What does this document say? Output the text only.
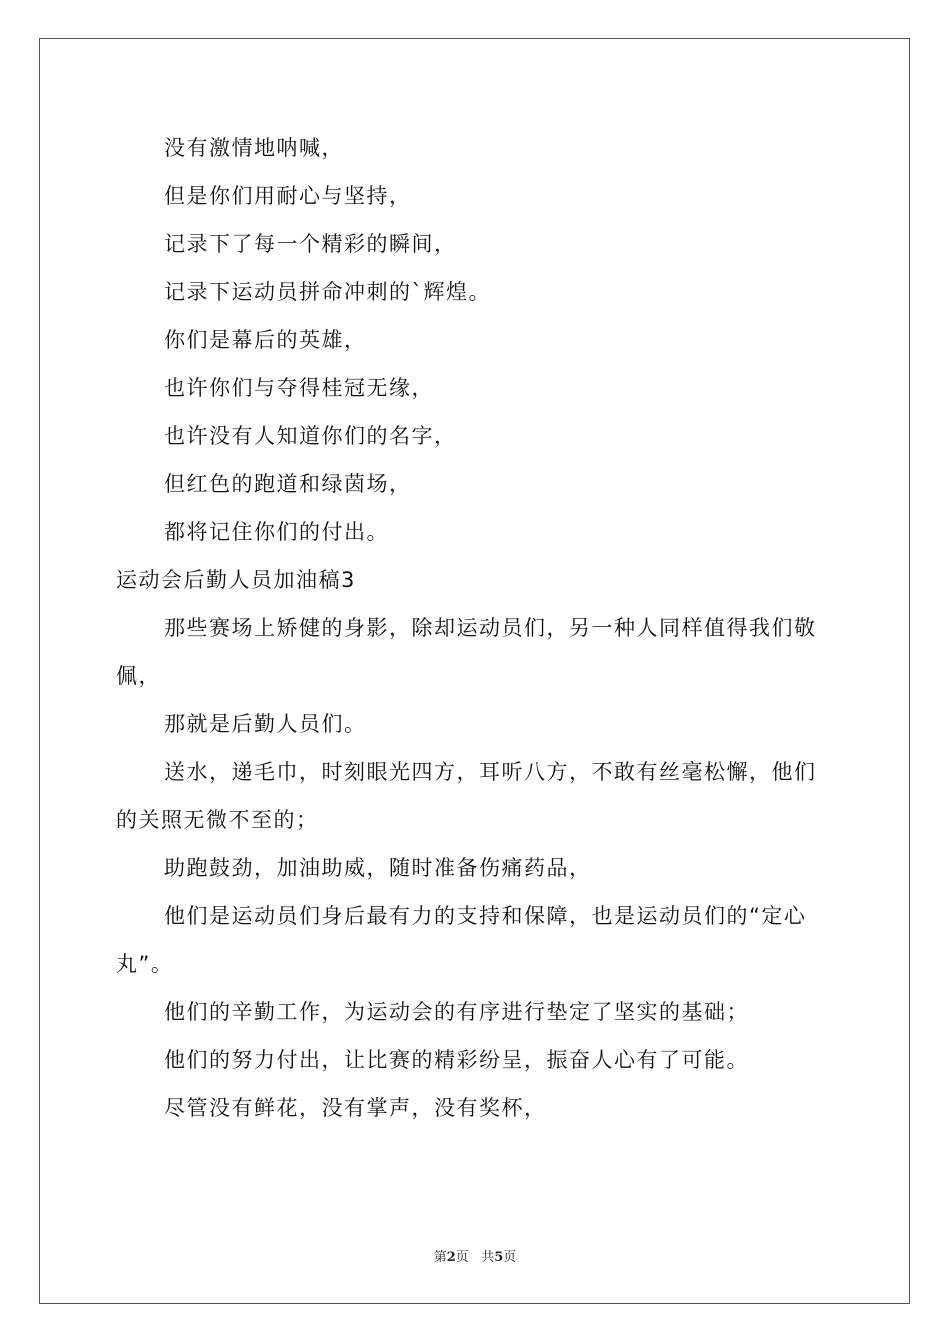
没有激情地呐喊，

但是你们用耐心与坚持，

记录下了每一个精彩的瞬间，

记录下运动员拼命冲刺的`辉煌。

你们是幕后的英雄，

也许你们与夺得桂冠无缘，

也许没有人知道你们的名字，

但红色的跑道和绿茵场，

都将记住你们的付出。

运动会后勤人员加油稿3

那些赛场上矫健的身影，除却运动员们，另一种人同样值得我们敬佩，

那就是后勤人员们。

送水，递毛巾，时刻眼光四方，耳听八方，不敢有丝毫松懈，他们的关照无微不至的；

助跑鼓劲，加油助威，随时准备伤痛药品，

他们是运动员们身后最有力的支持和保障，也是运动员们的“定心丸”。

他们的辛勤工作，为运动会的有序进行垫定了坚实的基础；

他们的努力付出，让比赛的精彩纷呈，振奋人心有了可能。

尽管没有鲜花，没有掌声，没有奖杯，

第2页 共5页
